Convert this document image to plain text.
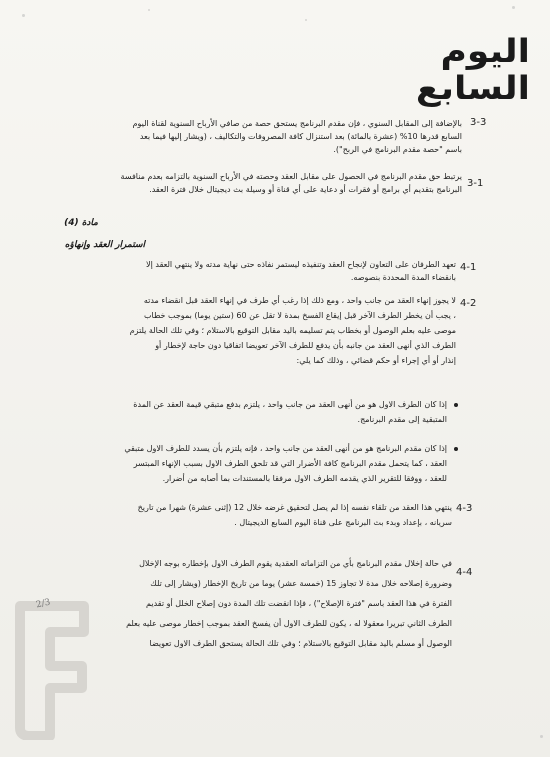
اليوم السابع
2/3
3-3
بالإضافة إلى المقابل السنوي ، فإن مقدم البرنامج يستحق حصة من صافي الأرباح السنوية لقناة اليوم
السابع قدرها 10% (عشرة بالمائة) بعد استنزال كافة المصروفات والتكاليف ، (ويشار إليها فيما بعد
باسم "حصة مقدم البرنامج في الربح").
3-1
يرتبط حق مقدم البرنامج في الحصول على مقابل العقد وحصته في الأرباح السنوية بالتزامه بعدم منافسة
البرنامج بتقديم أي برامج أو فقرات أو دعاية على أي قناة أو وسيلة بث ديجيتال خلال فترة العقد.
مادة (4)
استمرار العقد وإنهاؤه
4-1
تعهد الطرفان على التعاون لإنجاح العقد وتنفيذه ليستمر نفاذه حتى نهاية مدته ولا ينتهي العقد إلا
بانقضاء المدة المحددة بنصوصه.
4-2
لا يجوز إنهاء العقد من جانب واحد ، ومع ذلك إذا رغب أي طرف في إنهاء العقد قبل انقضاء مدته
، يجب أن يخطر الطرف الآخر قبل إيقاع الفسخ بمدة لا تقل عن 60 (ستين يوما) بموجب خطاب
موصى عليه بعلم الوصول أو بخطاب يتم تسليمه باليد مقابل التوقيع بالاستلام ؛ وفي تلك الحالة يلتزم
الطرف الذي أنهى العقد من جانبه بأن يدفع للطرف الآخر تعويضا اتفاقيا دون حاجة لإخطار أو
إنذار أو أي إجراء أو حكم قضائي ، وذلك كما يلي:
إذا كان الطرف الاول هو من أنهى العقد من جانب واحد ، يلتزم بدفع متبقي قيمة العقد عن المدة
المتبقية إلى مقدم البرنامج.
إذا كان مقدم البرنامج هو من أنهى العقد من جانب واحد ، فإنه يلتزم بأن يسدد للطرف الاول متبقي
العقد ، كما يتحمل مقدم البرنامج كافة الأضرار التي قد تلحق الطرف الاول بسبب الإنهاء المبتسر
للعقد ، ووفقا للتقرير الذي يقدمه الطرف الاول مرفقا بالمستندات بما أصابه من أضرار.
4-3
ينتهي هذا العقد من تلقاء نفسه إذا لم يصل لتحقيق غرضه خلال 12 (إثنى عشرة) شهرا من تاريخ
سريانه ، بإعداد وبدء بث البرنامج على قناة اليوم السابع الديجيتال .
4-4
في حالة إخلال مقدم البرنامج بأي من التزاماته العقدية يقوم الطرف الاول بإخطاره بوجه الإخلال
وضرورة إصلاحه خلال مدة لا تجاوز 15 (خمسة عشر) يوما من تاريخ الإخطار (ويشار إلى تلك
الفترة في هذا العقد باسم "فترة الإصلاح") ، فإذا انقضت تلك المدة دون إصلاح الخلل أو تقديم
الطرف الثاني تبريرا معقولا له ، يكون للطرف الاول أن يفسخ العقد بموجب إخطار موصى عليه بعلم
الوصول أو مسلم باليد مقابل التوقيع بالاستلام ؛ وفي تلك الحالة يستحق الطرف الاول تعويضا
